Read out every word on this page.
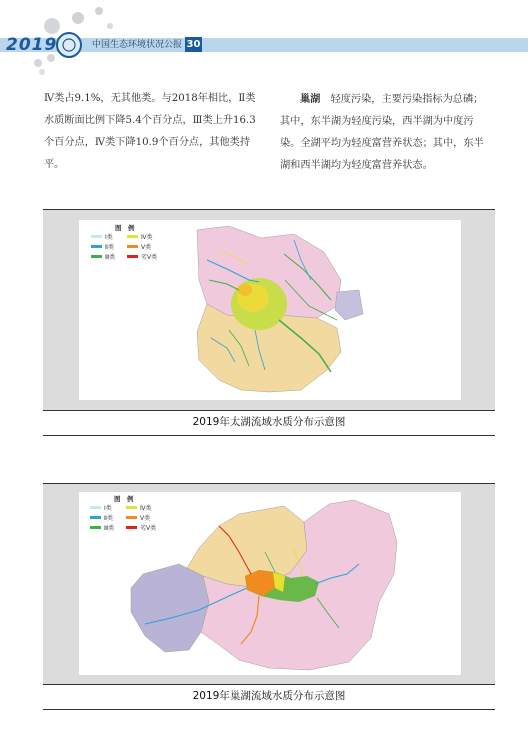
2019	中国生态环境状况公报 30
Ⅳ类占9.1%，无其他类。与2018年相比，Ⅱ类
水质断面比例下降5.4个百分点，Ⅲ类上升16.3
个百分点，Ⅳ类下降10.9个百分点，其他类持
平。
巢湖　 轻度污染，主要污染指标为总磷；
其中，东半湖为轻度污染，西半湖为中度污
染。全湖平均为轻度富营养状态；其中，东半
湖和西半湖均为轻度富营养状态。
2019年太湖流域水质分布示意图
2019年巢湖流域水质分布示意图
图　例
Ⅰ类	Ⅳ类
Ⅱ类	Ⅴ类
Ⅲ类	劣Ⅴ类
图　例
Ⅰ类	Ⅳ类
Ⅱ类	Ⅴ类
Ⅲ类	劣Ⅴ类
